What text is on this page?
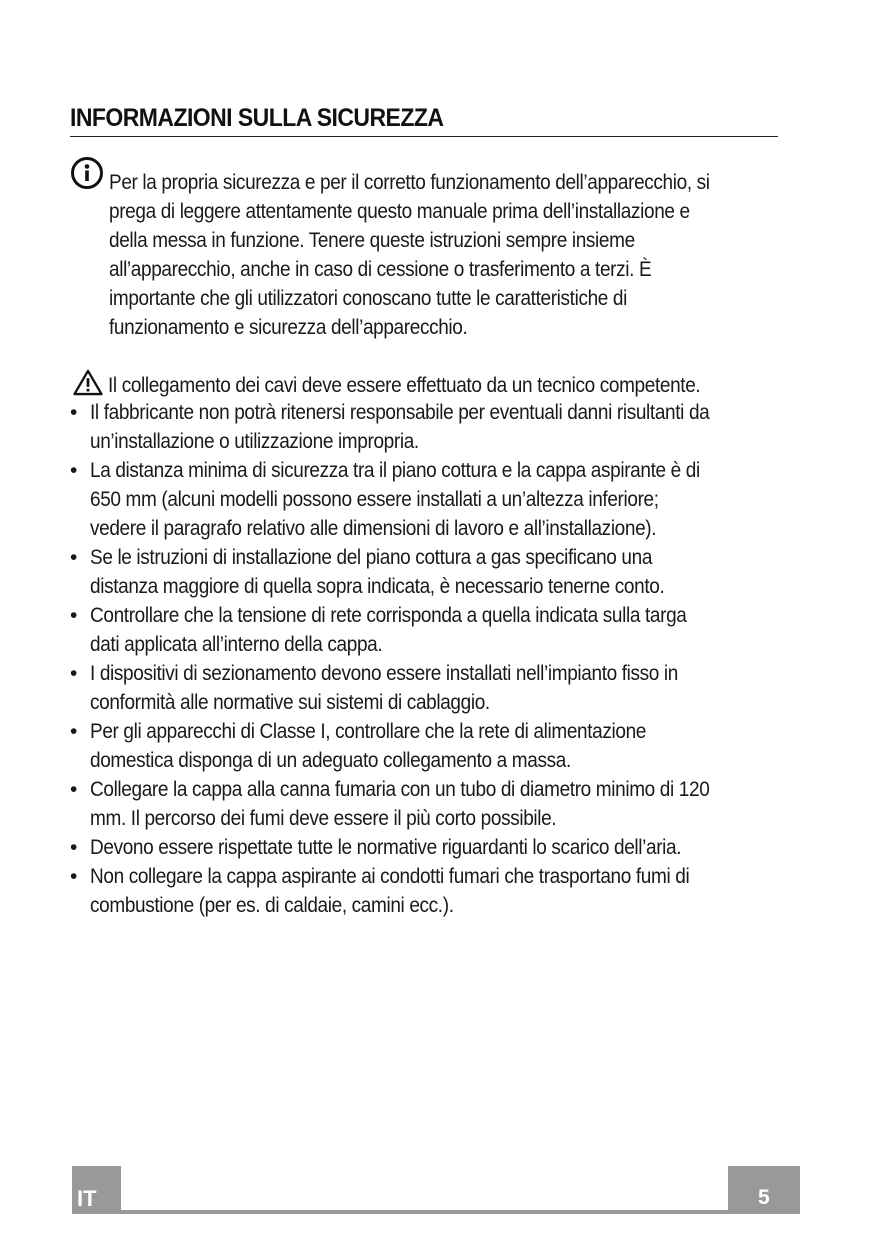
INFORMAZIONI SULLA SICUREZZA
Per la propria sicurezza e per il corretto funzionamento dell’apparecchio, si
prega di leggere attentamente questo manuale prima dell’installazione e
della messa in funzione. Tenere queste istruzioni sempre insieme
all’apparecchio, anche in caso di cessione o trasferimento a terzi. È
importante che gli utilizzatori conoscano tutte le caratteristiche di
funzionamento e sicurezza dell’apparecchio.
Il collegamento dei cavi deve essere effettuato da un tecnico competente.
• Il fabbricante non potrà ritenersi responsabile per eventuali danni risultanti da
un’installazione o utilizzazione impropria.
• La distanza minima di sicurezza tra il piano cottura e la cappa aspirante è di
650 mm (alcuni modelli possono essere installati a un’altezza inferiore;
vedere il paragrafo relativo alle dimensioni di lavoro e all’installazione).
• Se le istruzioni di installazione del piano cottura a gas specificano una
distanza maggiore di quella sopra indicata, è necessario tenerne conto.
• Controllare che la tensione di rete corrisponda a quella indicata sulla targa
dati applicata all’interno della cappa.
• I dispositivi di sezionamento devono essere installati nell’impianto fisso in
conformità alle normative sui sistemi di cablaggio.
• Per gli apparecchi di Classe I, controllare che la rete di alimentazione
domestica disponga di un adeguato collegamento a massa.
• Collegare la cappa alla canna fumaria con un tubo di diametro minimo di 120
mm. Il percorso dei fumi deve essere il più corto possibile.
• Devono essere rispettate tutte le normative riguardanti lo scarico dell’aria.
• Non collegare la cappa aspirante ai condotti fumari che trasportano fumi di
combustione (per es. di caldaie, camini ecc.).
IT	5
